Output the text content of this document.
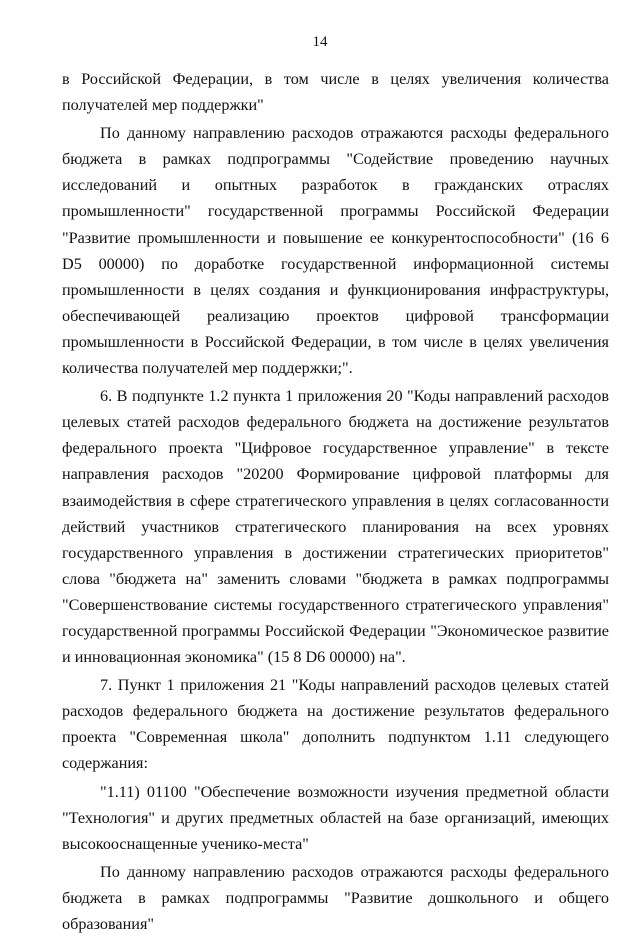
14

в Российской Федерации, в том числе в целях увеличения количества получателей мер поддержки"

По данному направлению расходов отражаются расходы федерального бюджета в рамках подпрограммы "Содействие проведению научных исследований и опытных разработок в гражданских отраслях промышленности" государственной программы Российской Федерации "Развитие промышленности и повышение ее конкурентоспособности" (16 6 D5 00000) по доработке государственной информационной системы промышленности в целях создания и функционирования инфраструктуры, обеспечивающей реализацию проектов цифровой трансформации промышленности в Российской Федерации, в том числе в целях увеличения количества получателей мер поддержки;".

6. В подпункте 1.2 пункта 1 приложения 20 "Коды направлений расходов целевых статей расходов федерального бюджета на достижение результатов федерального проекта "Цифровое государственное управление" в тексте направления расходов "20200 Формирование цифровой платформы для взаимодействия в сфере стратегического управления в целях согласованности действий участников стратегического планирования на всех уровнях государственного управления в достижении стратегических приоритетов" слова "бюджета на" заменить словами "бюджета в рамках подпрограммы "Совершенствование системы государственного стратегического управления" государственной программы Российской Федерации "Экономическое развитие и инновационная экономика" (15 8 D6 00000) на".

7. Пункт 1 приложения 21 "Коды направлений расходов целевых статей расходов федерального бюджета на достижение результатов федерального проекта "Современная школа" дополнить подпунктом 1.11 следующего содержания:

"1.11) 01100 "Обеспечение возможности изучения предметной области "Технология" и других предметных областей на базе организаций, имеющих высокооснащенные ученико-места"

По данному направлению расходов отражаются расходы федерального бюджета в рамках подпрограммы "Развитие дошкольного и общего образования"
